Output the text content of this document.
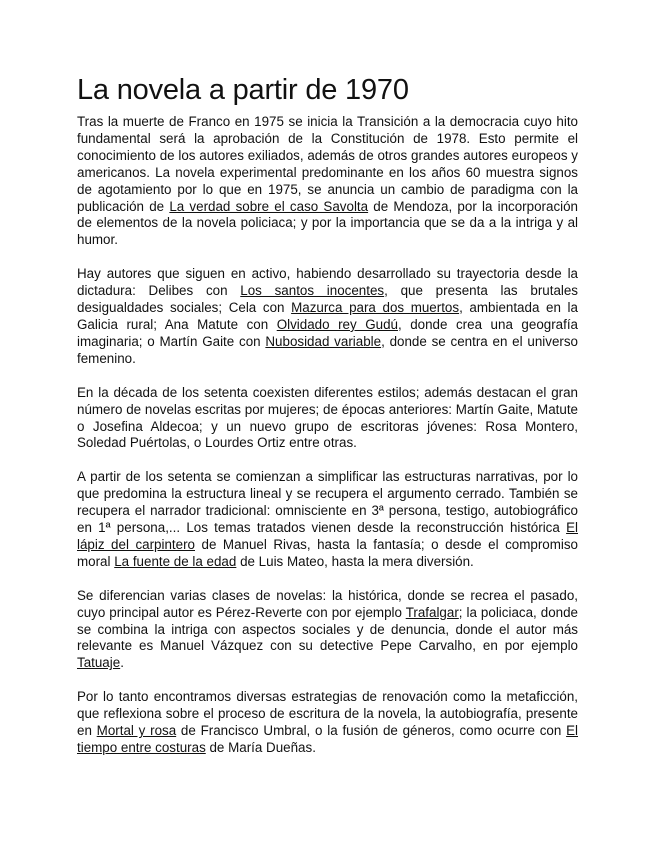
La novela a partir de 1970

Tras la muerte de Franco en 1975 se inicia la Transición a la democracia cuyo hito fundamental será la aprobación de la Constitución de 1978. Esto permite el conocimiento de los autores exiliados, además de otros grandes autores europeos y americanos. La novela experimental predominante en los años 60 muestra signos de agotamiento por lo que en 1975, se anuncia un cambio de paradigma con la publicación de La verdad sobre el caso Savolta de Mendoza, por la incorporación de elementos de la novela policiaca; y por la importancia que se da a la intriga y al humor.

Hay autores que siguen en activo, habiendo desarrollado su trayectoria desde la dictadura: Delibes con Los santos inocentes, que presenta las brutales desigualdades sociales; Cela con Mazurca para dos muertos, ambientada en la Galicia rural; Ana Matute con Olvidado rey Gudú, donde crea una geografía imaginaria; o Martín Gaite con Nubosidad variable, donde se centra en el universo femenino.

En la década de los setenta coexisten diferentes estilos; además destacan el gran número de novelas escritas por mujeres; de épocas anteriores: Martín Gaite, Matute o Josefina Aldecoa; y un nuevo grupo de escritoras jóvenes: Rosa Montero, Soledad Puértolas, o Lourdes Ortiz entre otras.

A partir de los setenta se comienzan a simplificar las estructuras narrativas, por lo que predomina la estructura lineal y se recupera el argumento cerrado. También se recupera el narrador tradicional: omnisciente en 3ª persona, testigo, autobiográfico en 1ª persona,... Los temas tratados vienen desde la reconstrucción histórica El lápiz del carpintero de Manuel Rivas, hasta la fantasía; o desde el compromiso moral La fuente de la edad de Luis Mateo, hasta la mera diversión.

Se diferencian varias clases de novelas: la histórica, donde se recrea el pasado, cuyo principal autor es Pérez-Reverte con por ejemplo Trafalgar; la policiaca, donde se combina la intriga con aspectos sociales y de denuncia, donde el autor más relevante es Manuel Vázquez con su detective Pepe Carvalho, en por ejemplo Tatuaje.

Por lo tanto encontramos diversas estrategias de renovación como la metaficción, que reflexiona sobre el proceso de escritura de la novela, la autobiografía, presente en Mortal y rosa de Francisco Umbral, o la fusión de géneros, como ocurre con El tiempo entre costuras de María Dueñas.
